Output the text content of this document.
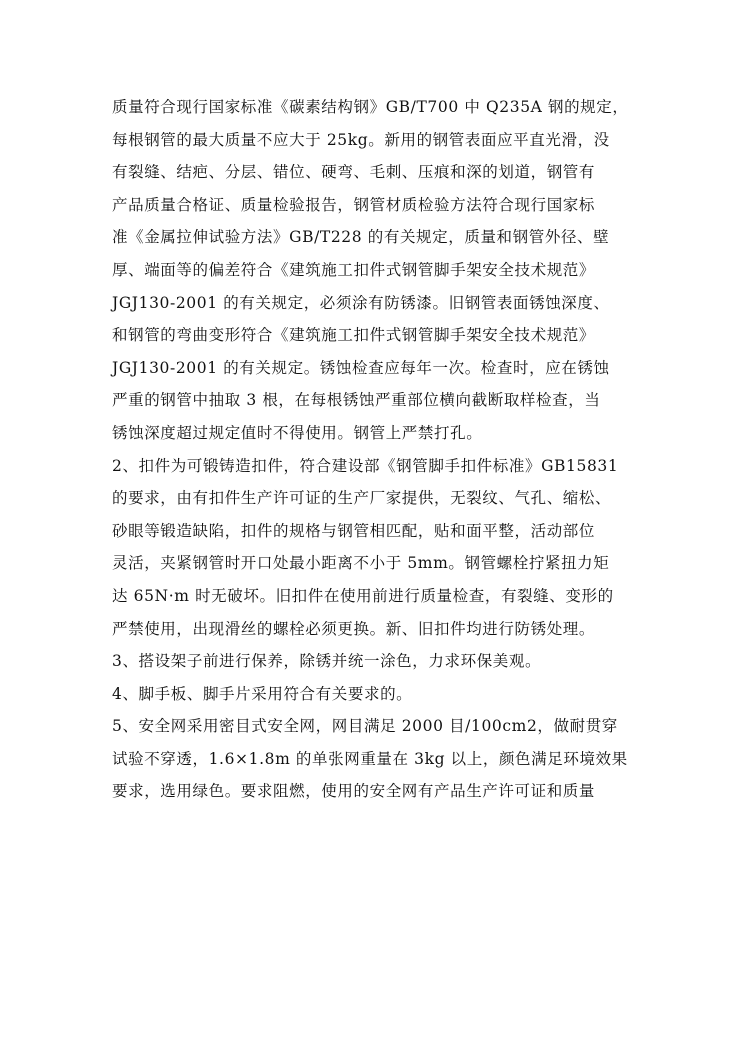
质量符合现行国家标准《碳素结构钢》GB/T700 中 Q235A 钢的规定，
每根钢管的最大质量不应大于 25kg。新用的钢管表面应平直光滑，没
有裂缝、结疤、分层、错位、硬弯、毛刺、压痕和深的划道，钢管有
产品质量合格证、质量检验报告，钢管材质检验方法符合现行国家标
准《金属拉伸试验方法》GB/T228 的有关规定，质量和钢管外径、壁
厚、端面等的偏差符合《建筑施工扣件式钢管脚手架安全技术规范》
JGJ130-2001 的有关规定，必须涂有防锈漆。旧钢管表面锈蚀深度、
和钢管的弯曲变形符合《建筑施工扣件式钢管脚手架安全技术规范》
JGJ130-2001 的有关规定。锈蚀检查应每年一次。检查时，应在锈蚀
严重的钢管中抽取 3 根，在每根锈蚀严重部位横向截断取样检查，当
锈蚀深度超过规定值时不得使用。钢管上严禁打孔。
2、扣件为可锻铸造扣件，符合建设部《钢管脚手扣件标准》GB15831
的要求，由有扣件生产许可证的生产厂家提供，无裂纹、气孔、缩松、
砂眼等锻造缺陷，扣件的规格与钢管相匹配，贴和面平整，活动部位
灵活，夹紧钢管时开口处最小距离不小于 5mm。钢管螺栓拧紧扭力矩
达 65N·m 时无破坏。旧扣件在使用前进行质量检查，有裂缝、变形的
严禁使用，出现滑丝的螺栓必须更换。新、旧扣件均进行防锈处理。
3、搭设架子前进行保养，除锈并统一涂色，力求环保美观。
4、脚手板、脚手片采用符合有关要求的。
5、安全网采用密目式安全网，网目满足 2000 目/100cm2，做耐贯穿
试验不穿透，1.6×1.8m 的单张网重量在 3kg 以上，颜色满足环境效果
要求，选用绿色。要求阻燃，使用的安全网有产品生产许可证和质量
